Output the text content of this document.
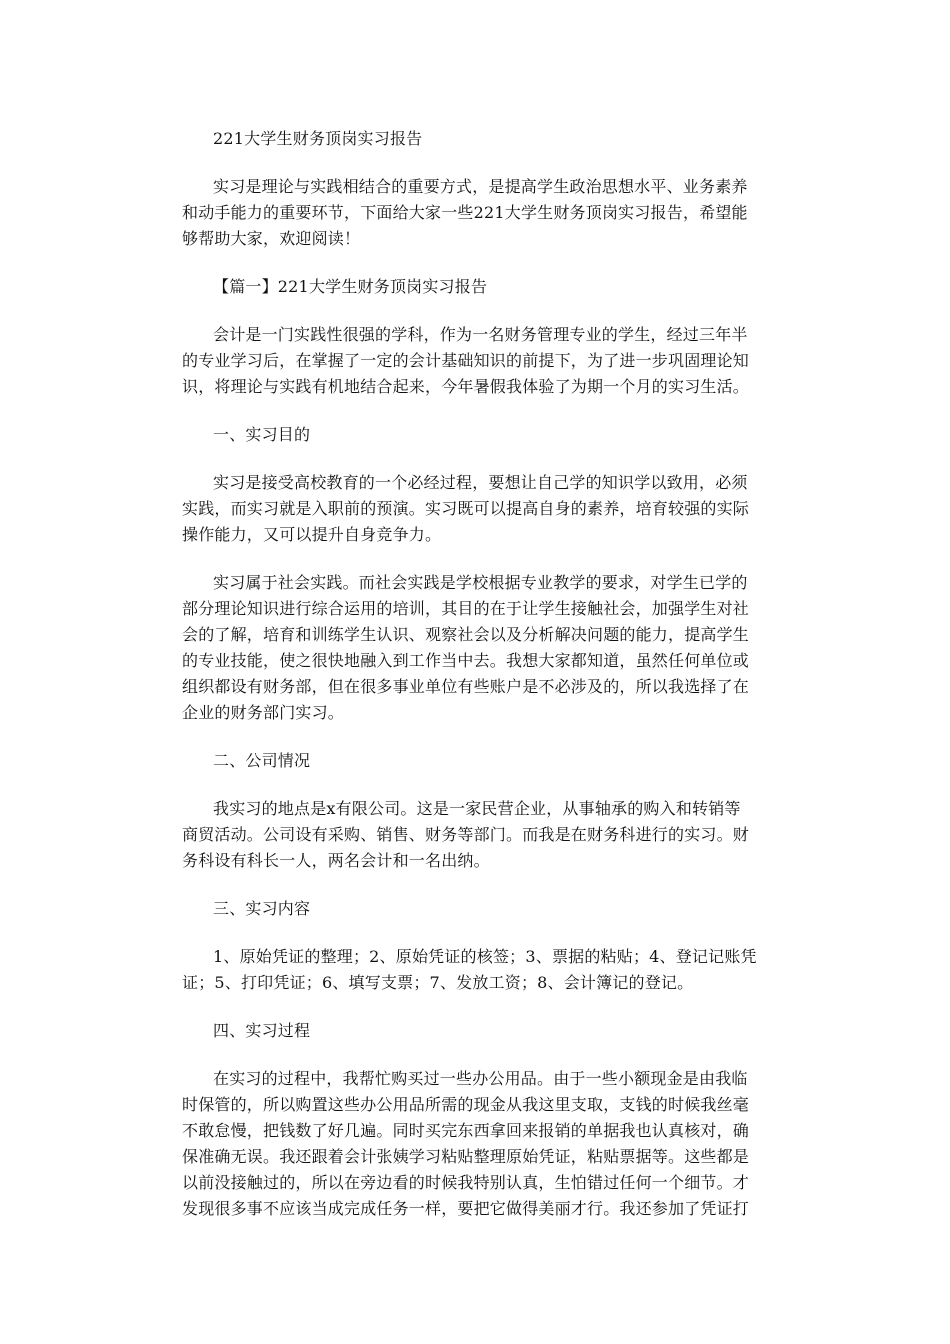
221大学生财务顶岗实习报告
实习是理论与实践相结合的重要方式，是提高学生政治思想水平、业务素养
和动手能力的重要环节，下面给大家一些221大学生财务顶岗实习报告，希望能
够帮助大家，欢迎阅读！
【篇一】221大学生财务顶岗实习报告
会计是一门实践性很强的学科，作为一名财务管理专业的学生，经过三年半
的专业学习后，在掌握了一定的会计基础知识的前提下，为了进一步巩固理论知
识，将理论与实践有机地结合起来，今年暑假我体验了为期一个月的实习生活。
一、实习目的
实习是接受高校教育的一个必经过程，要想让自己学的知识学以致用，必须
实践，而实习就是入职前的预演。实习既可以提高自身的素养，培育较强的实际
操作能力，又可以提升自身竞争力。
实习属于社会实践。而社会实践是学校根据专业教学的要求，对学生已学的
部分理论知识进行综合运用的培训，其目的在于让学生接触社会，加强学生对社
会的了解，培育和训练学生认识、观察社会以及分析解决问题的能力，提高学生
的专业技能，使之很快地融入到工作当中去。我想大家都知道，虽然任何单位或
组织都设有财务部，但在很多事业单位有些账户是不必涉及的，所以我选择了在
企业的财务部门实习。
二、公司情况
我实习的地点是x有限公司。这是一家民营企业，从事轴承的购入和转销等
商贸活动。公司设有采购、销售、财务等部门。而我是在财务科进行的实习。财
务科设有科长一人，两名会计和一名出纳。
三、实习内容
1、原始凭证的整理；2、原始凭证的核签；3、票据的粘贴；4、登记记账凭
证；5、打印凭证；6、填写支票；7、发放工资；8、会计簿记的登记。
四、实习过程
在实习的过程中，我帮忙购买过一些办公用品。由于一些小额现金是由我临
时保管的，所以购置这些办公用品所需的现金从我这里支取，支钱的时候我丝毫
不敢怠慢，把钱数了好几遍。同时买完东西拿回来报销的单据我也认真核对，确
保准确无误。我还跟着会计张姨学习粘贴整理原始凭证，粘贴票据等。这些都是
以前没接触过的，所以在旁边看的时候我特别认真，生怕错过任何一个细节。才
发现很多事不应该当成完成任务一样，要把它做得美丽才行。我还参加了凭证打
